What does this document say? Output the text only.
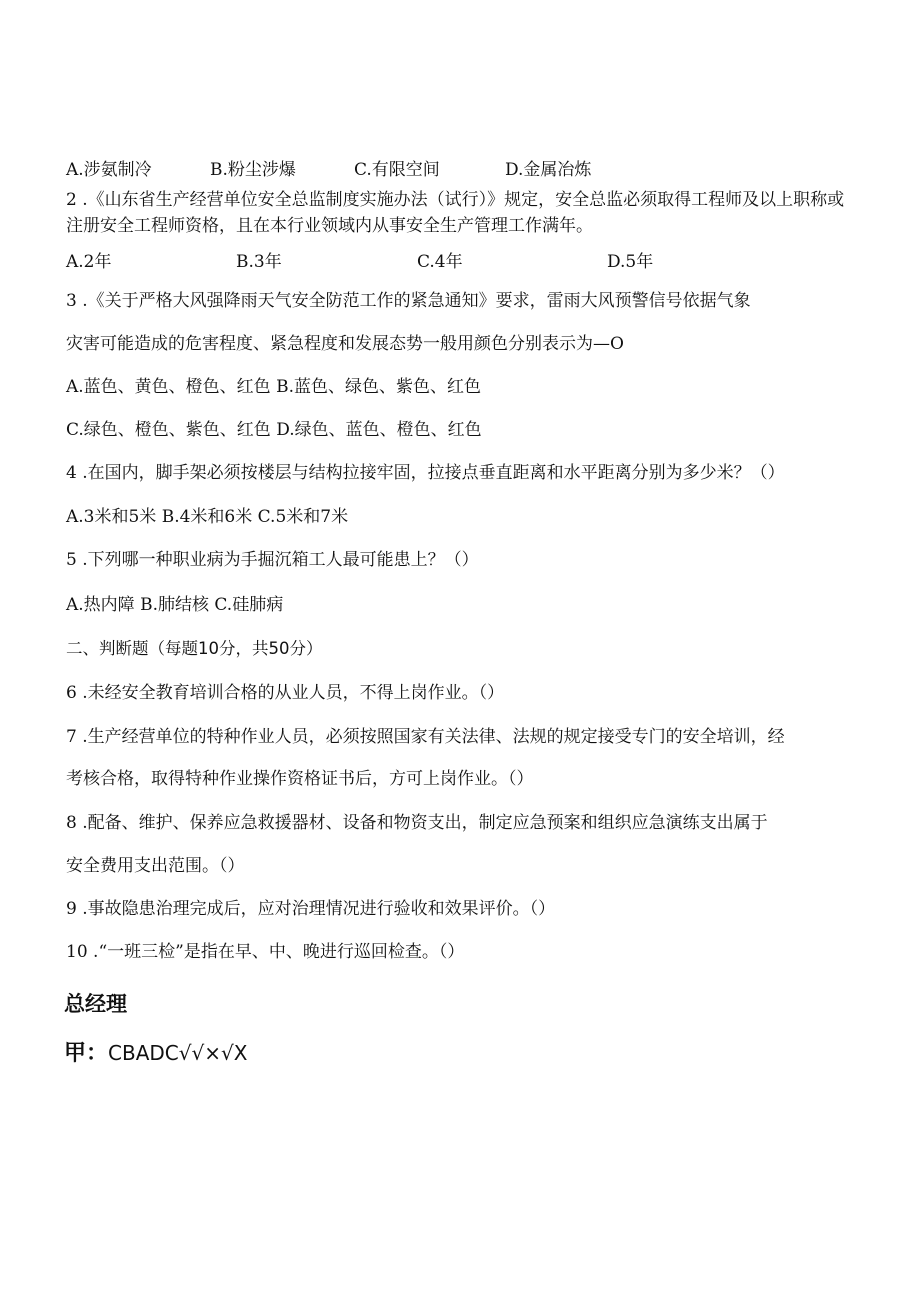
A.涉氨制冷	B.粉尘涉爆	C.有限空间	D.金属冶炼
2 .《山东省生产经营单位安全总监制度实施办法（试行）》规定，安全总监必须取得工程师及以上职称或注册安全工程师资格，且在本行业领域内从事安全生产管理工作满年。
A.2年	B.3年	C.4年	D.5年
3 .《关于严格大风强降雨天气安全防范工作的紧急通知》要求，雷雨大风预警信号依据气象
灾害可能造成的危害程度、紧急程度和发展态势一般用颜色分别表示为—O
A.蓝色、黄色、橙色、红色 B.蓝色、绿色、紫色、红色
C.绿色、橙色、紫色、红色 D.绿色、蓝色、橙色、红色
4 .在国内，脚手架必须按楼层与结构拉接牢固，拉接点垂直距离和水平距离分别为多少米？（）
A.3米和5米 B.4米和6米 C.5米和7米
5 .下列哪一种职业病为手掘沉箱工人最可能患上？（）
A.热内障 B.肺结核 C.硅肺病
二、判断题（每题10分，共50分）
6 .未经安全教育培训合格的从业人员，不得上岗作业。（）
7 .生产经营单位的特种作业人员，必须按照国家有关法律、法规的规定接受专门的安全培训，经
考核合格，取得特种作业操作资格证书后，方可上岗作业。（）
8 .配备、维护、保养应急救援器材、设备和物资支出，制定应急预案和组织应急演练支出属于
安全费用支出范围。（）
9 .事故隐患治理完成后，应对治理情况进行验收和效果评价。（）
10 .“一班三检”是指在早、中、晚进行巡回检查。（）
总经理
甲：CBADC√√×√X
